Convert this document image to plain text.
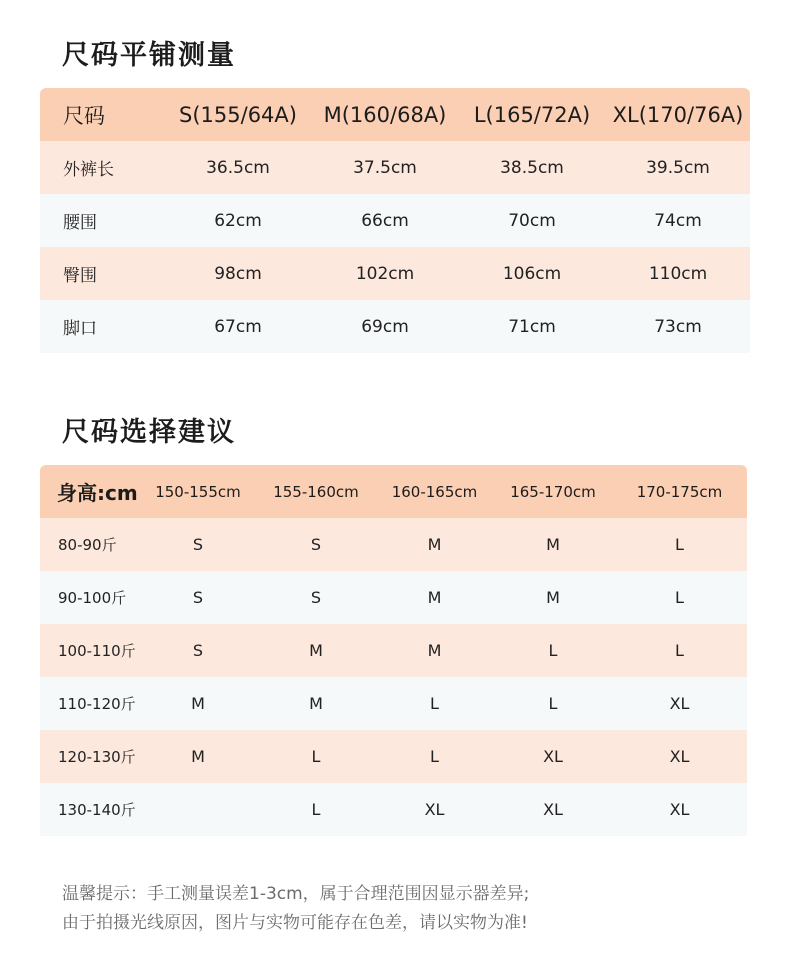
尺码平铺测量
尺码	S(155/64A)	M(160/68A)	L(165/72A)	XL(170/76A)
外裤长	36.5cm	37.5cm	38.5cm	39.5cm
腰围	62cm	66cm	70cm	74cm
臀围	98cm	102cm	106cm	110cm
脚口	67cm	69cm	71cm	73cm
尺码选择建议
身高:cm	150-155cm	155-160cm	160-165cm	165-170cm	170-175cm
80-90斤	S	S	M	M	L
90-100斤	S	S	M	M	L
100-110斤	S	M	M	L	L
110-120斤	M	M	L	L	XL
120-130斤	M	L	L	XL	XL
130-140斤		L	XL	XL	XL
温馨提示：手工测量误差1-3cm，属于合理范围因显示器差异;
由于拍摄光线原因，图片与实物可能存在色差，请以实物为准!
